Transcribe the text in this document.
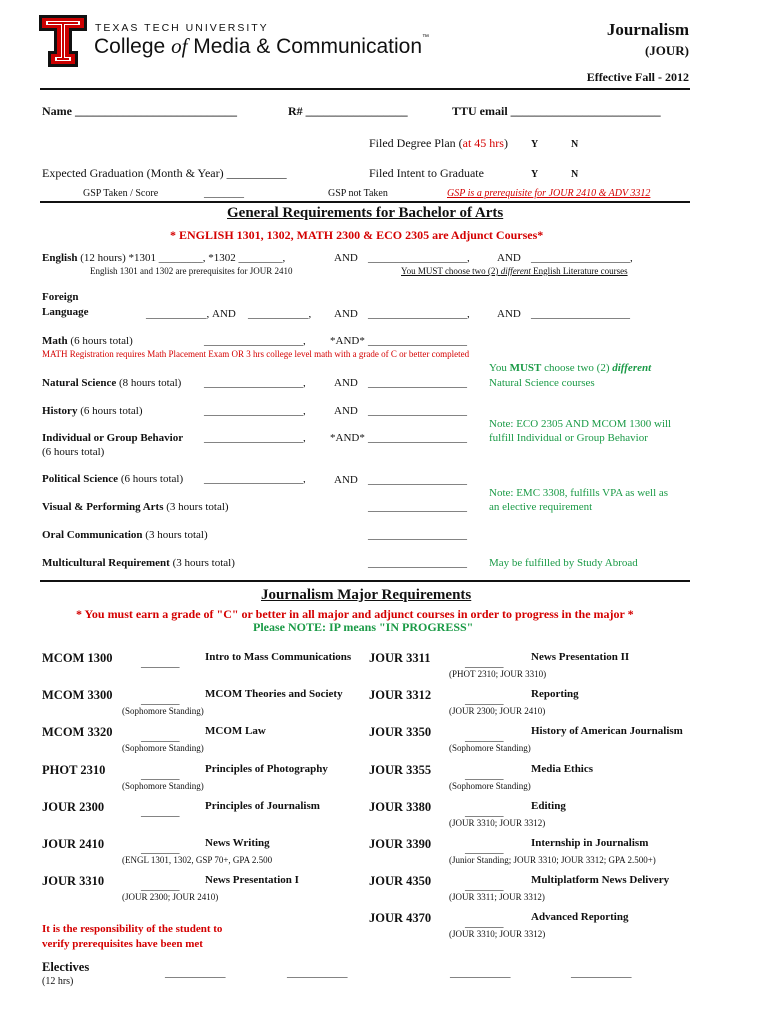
TEXAS TECH UNIVERSITY
College of Media & Communication™	Journalism
(JOUR)
Effective Fall - 2012
Name ___________________________	R# _________________	TTU email _________________________
Filed Degree Plan (at 45 hrs) Y	N
Expected Graduation (Month & Year) __________	Filed Intent to Graduate	Y	N
GSP Taken / Score	________	GSP not Taken	GSP is a prerequisite for JOUR 2410 & ADV 3312
General Requirements for Bachelor of Arts
* ENGLISH 1301, 1302, MATH 2300 & ECO 2305 are Adjunct Courses*
English (12 hours) *1301 ________, *1302 ________,	AND __________________, AND __________________,
English 1301 and 1302 are prerequisites for JOUR 2410	You MUST choose two (2) different English Literature courses
Foreign
Language	___________, AND ___________, AND __________________, AND __________________
Math (6 hours total)	__________________, *AND* __________________
MATH Registration requires Math Placement Exam OR 3 hrs college level math with a grade of C or better completed
You MUST choose two (2) different
Natural Science courses
Natural Science (8 hours total) __________________,	AND __________________
History (6 hours total)	__________________,	AND __________________
Note: ECO 2305 AND MCOM 1300 will
fulfill Individual or Group Behavior
Individual or Group Behavior
(6 hours total)
__________________, *AND* __________________
Political Science (6 hours total) __________________,	AND __________________
Note: EMC 3308, fulfills VPA as well as
an elective requirement
Visual & Performing Arts (3 hours total)	__________________
Oral Communication (3 hours total)	__________________
Multicultural Requirement (3 hours total)	__________________ May be fulfilled by Study Abroad
Journalism Major Requirements
* You must earn a grade of "C" or better in all major and adjunct courses in order to progress in the major *
Please NOTE: IP means "IN PROGRESS"
MCOM 1300	_______ Intro to Mass Communications
MCOM 3300	_______ MCOM Theories and Society
(Sophomore Standing)
MCOM 3320	_______ MCOM Law
(Sophomore Standing)
PHOT 2310	_______ Principles of Photography
(Sophomore Standing)
JOUR 2300	_______ Principles of Journalism
JOUR 2410	_______ News Writing
(ENGL 1301, 1302, GSP 70+, GPA 2.500
JOUR 3310	_______ News Presentation I
(JOUR 2300; JOUR 2410)
JOUR 3311	_______	News Presentation II
(PHOT 2310; JOUR 3310)
JOUR 3312	_______	Reporting
(JOUR 2300; JOUR 2410)
JOUR 3350	_______	History of American Journalism
(Sophomore Standing)
JOUR 3355	_______	Media Ethics
(Sophomore Standing)
JOUR 3380	_______	Editing
(JOUR 3310; JOUR 3312)
JOUR 3390	_______	Internship in Journalism
(Junior Standing; JOUR 3310; JOUR 3312; GPA 2.500+)
JOUR 4350	_______	Multiplatform News Delivery
(JOUR 3311; JOUR 3312)
JOUR 4370	_______	Advanced Reporting
(JOUR 3310; JOUR 3312)
It is the responsibility of the student to
verify prerequisites have been met
Electives
(12 hrs)
___________	___________	___________	___________
